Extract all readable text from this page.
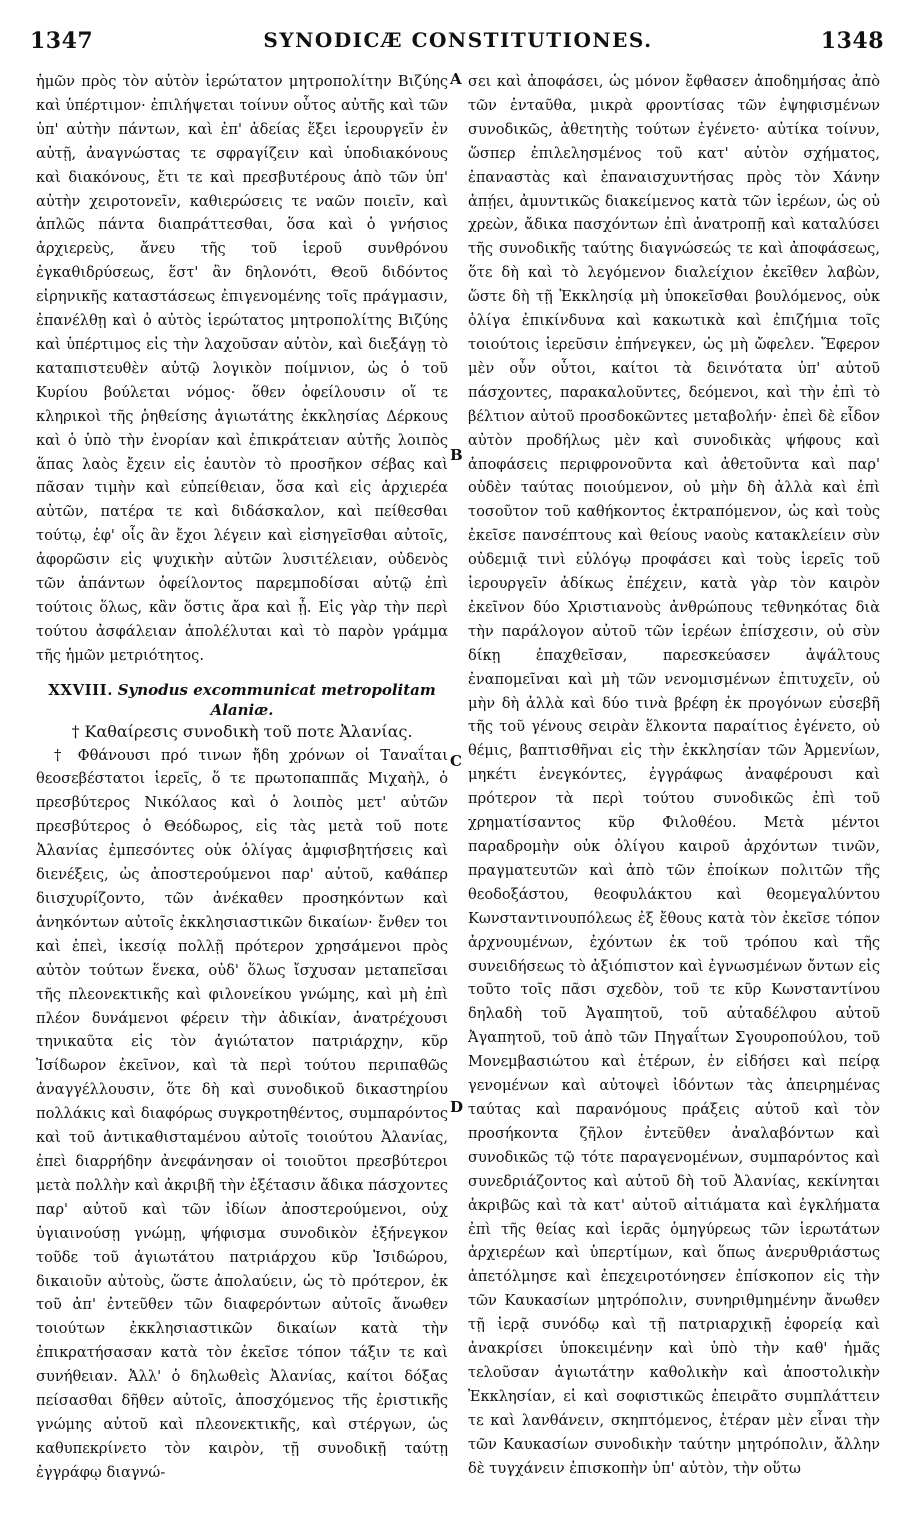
1347	SYNODICÆ CONSTITUTIONES.	1348
A
B
C
D

ἡμῶν πρὸς τὸν αὐτὸν ἱερώτατον μητροπολίτην Βιζύης καὶ ὑπέρτιμον· ἐπιλήψεται τοίνυν οὗτος αὐτῆς καὶ τῶν ὑπ' αὐτὴν πάντων, καὶ ἐπ' ἀδείας ἕξει ἱερουργεῖν ἐν αὐτῇ, ἀναγνώστας τε σφραγίζειν καὶ ὑποδιακόνους καὶ διακόνους, ἔτι τε καὶ πρεσβυτέρους ἀπὸ τῶν ὑπ' αὐτὴν χειροτονεῖν, καθιερώσεις τε ναῶν ποιεῖν, καὶ ἁπλῶς πάντα διαπράττεσθαι, ὅσα καὶ ὁ γνήσιος ἀρχιερεὺς, ἄνευ τῆς τοῦ ἱεροῦ συνθρόνου ἐγκαθιδρύσεως, ἕστ' ἂν δηλονότι, Θεοῦ διδόντος εἰρηνικῆς καταστάσεως ἐπιγενομένης τοῖς πράγμασιν, ἐπανέλθῃ καὶ ὁ αὐτὸς ἱερώτατος μητροπολίτης Βιζύης καὶ ὑπέρτιμος εἰς τὴν λαχοῦσαν αὐτὸν, καὶ διεξάγῃ τὸ καταπιστευθὲν αὐτῷ λογικὸν ποίμνιον, ὡς ὁ τοῦ Κυρίου βούλεται νόμος· ὅθεν ὀφείλουσιν οἵ τε κληρικοὶ τῆς ῥηθείσης ἁγιωτάτης ἐκκλησίας Δέρκους καὶ ὁ ὑπὸ τὴν ἐνορίαν καὶ ἐπικράτειαν αὐτῆς λοιπὸς ἅπας λαὸς ἔχειν εἰς ἑαυτὸν τὸ προσῆκον σέβας καὶ πᾶσαν τιμὴν καὶ εὐπείθειαν, ὅσα καὶ εἰς ἀρχιερέα αὐτῶν, πατέρα τε καὶ διδάσκαλον, καὶ πείθεσθαι τούτῳ, ἐφ' οἷς ἂν ἔχοι λέγειν καὶ εἰσηγεῖσθαι αὐτοῖς, ἀφορῶσιν εἰς ψυχικὴν αὐτῶν λυσιτέλειαν, οὐδενὸς τῶν ἁπάντων ὀφείλοντος παρεμποδίσαι αὐτῷ ἐπὶ τούτοις ὅλως, κἂν ὅστις ἄρα καὶ ᾖ. Εἰς γὰρ τὴν περὶ τούτου ἀσφάλειαν ἀπολέλυται καὶ τὸ παρὸν γράμμα τῆς ἡμῶν μετριότητος.

XXVIII. Synodus excommunicat metropolitam Alaniæ.

† Καθαίρεσις συνοδικὴ τοῦ ποτε Ἀλανίας.

† Φθάνουσι πρό τινων ἤδη χρόνων οἱ Ταναΐται θεοσεβέστατοι ἱερεῖς, ὅ τε πρωτοπαππᾶς Μιχαὴλ, ὁ πρεσβύτερος Νικόλαος καὶ ὁ λοιπὸς μετ' αὐτῶν πρεσβύτερος ὁ Θεόδωρος, εἰς τὰς μετὰ τοῦ ποτε Ἀλανίας ἐμπεσόντες οὐκ ὀλίγας ἀμφισβητήσεις καὶ διενέξεις, ὡς ἀποστερούμενοι παρ' αὐτοῦ, καθάπερ διισχυρίζοντο, τῶν ἀνέκαθεν προσηκόντων καὶ ἀνηκόντων αὐτοῖς ἐκκλησιαστικῶν δικαίων· ἔνθεν τοι καὶ ἐπεὶ, ἱκεσίᾳ πολλῇ πρότερον χρησάμενοι πρὸς αὐτὸν τούτων ἕνεκα, οὐδ' ὅλως ἴσχυσαν μεταπεῖσαι τῆς πλεονεκτικῆς καὶ φιλονείκου γνώμης, καὶ μὴ ἐπὶ πλέον δυνάμενοι φέρειν τὴν ἀδικίαν, ἀνατρέχουσι τηνικαῦτα εἰς τὸν ἁγιώτατον πατριάρχην, κῦρ Ἰσίδωρον ἐκεῖνον, καὶ τὰ περὶ τούτου περιπαθῶς ἀναγγέλλουσιν, ὅτε δὴ καὶ συνοδικοῦ δικαστηρίου πολλάκις καὶ διαφόρως συγκροτηθέντος, συμπαρόντος καὶ τοῦ ἀντικαθισταμένου αὐτοῖς τοιούτου Ἀλανίας, ἐπεὶ διαρρήδην ἀνεφάνησαν οἱ τοιοῦτοι πρεσβύτεροι μετὰ πολλὴν καὶ ἀκριβῆ τὴν ἐξέτασιν ἄδικα πάσχοντες παρ' αὐτοῦ καὶ τῶν ἰδίων ἀποστερούμενοι, οὐχ ὑγιαινούσῃ γνώμῃ, ψήφισμα συνοδικὸν ἐξήνεγκον τοῦδε τοῦ ἁγιωτάτου πατριάρχου κῦρ Ἰσιδώρου, δικαιοῦν αὐτοὺς, ὥστε ἀπολαύειν, ὡς τὸ πρότερον, ἐκ τοῦ ἀπ' ἐντεῦθεν τῶν διαφερόντων αὐτοῖς ἄνωθεν τοιούτων ἐκκλησιαστικῶν δικαίων κατὰ τὴν ἐπικρατήσασαν κατὰ τὸν ἐκεῖσε τόπον τάξιν τε καὶ συνήθειαν. Ἀλλ' ὁ δηλωθεὶς Ἀλανίας, καίτοι δόξας πείσασθαι δῆθεν αὐτοῖς, ἀποσχόμενος τῆς ἐριστικῆς γνώμης αὐτοῦ καὶ πλεονεκτικῆς, καὶ στέργων, ὡς καθυπεκρίνετο τὸν καιρὸν, τῇ συνοδικῇ ταύτῃ ἐγγράφῳ διαγνώ-

σει καὶ ἀποφάσει, ὡς μόνον ἔφθασεν ἀποδημήσας ἀπὸ τῶν ἐνταῦθα, μικρὰ φροντίσας τῶν ἐψηφισμένων συνοδικῶς, ἀθετητὴς τούτων ἐγένετο· αὐτίκα τοίνυν, ὥσπερ ἐπιλελησμένος τοῦ κατ' αὐτὸν σχήματος, ἐπαναστὰς καὶ ἐπαναισχυντήσας πρὸς τὸν Χάνην ἀπῄει, ἀμυντικῶς διακείμενος κατὰ τῶν ἱερέων, ὡς οὐ χρεὼν, ἄδικα πασχόντων ἐπὶ ἀνατροπῇ καὶ καταλύσει τῆς συνοδικῆς ταύτης διαγνώσεώς τε καὶ ἀποφάσεως, ὅτε δὴ καὶ τὸ λεγόμενον διαλείχιον ἐκεῖθεν λαβὼν, ὥστε δὴ τῇ Ἐκκλησίᾳ μὴ ὑποκεῖσθαι βουλόμενος, οὐκ ὀλίγα ἐπικίνδυνα καὶ κακωτικὰ καὶ ἐπιζήμια τοῖς τοιούτοις ἱερεῦσιν ἐπήνεγκεν, ὡς μὴ ὤφελεν. Ἔφερον μὲν οὖν οὗτοι, καίτοι τὰ δεινότατα ὑπ' αὐτοῦ πάσχοντες, παρακαλοῦντες, δεόμενοι, καὶ τὴν ἐπὶ τὸ βέλτιον αὐτοῦ προσδοκῶντες μεταβολήν· ἐπεὶ δὲ εἶδον αὐτὸν προδήλως μὲν καὶ συνοδικὰς ψήφους καὶ ἀποφάσεις περιφρονοῦντα καὶ ἀθετοῦντα καὶ παρ' οὐδὲν ταύτας ποιούμενον, οὐ μὴν δὴ ἀλλὰ καὶ ἐπὶ τοσοῦτον τοῦ καθήκοντος ἐκτραπόμενον, ὡς καὶ τοὺς ἐκεῖσε πανσέπτους καὶ θείους ναοὺς κατακλείειν σὺν οὐδεμιᾷ τινὶ εὐλόγῳ προφάσει καὶ τοὺς ἱερεῖς τοῦ ἱερουργεῖν ἀδίκως ἐπέχειν, κατὰ γὰρ τὸν καιρὸν ἐκεῖνον δύο Χριστιανοὺς ἀνθρώπους τεθνηκότας διὰ τὴν παράλογον αὐτοῦ τῶν ἱερέων ἐπίσχεσιν, οὐ σὺν δίκῃ ἐπαχθεῖσαν, παρεσκεύασεν ἀψάλτους ἐναπομεῖναι καὶ μὴ τῶν νενομισμένων ἐπιτυχεῖν, οὐ μὴν δὴ ἀλλὰ καὶ δύο τινὰ βρέφη ἐκ προγόνων εὐσεβῆ τῆς τοῦ γένους σειρὰν ἕλκοντα παραίτιος ἐγένετο, οὐ θέμις, βαπτισθῆναι εἰς τὴν ἐκκλησίαν τῶν Ἀρμενίων, μηκέτι ἐνεγκόντες, ἐγγράφως ἀναφέρουσι καὶ πρότερον τὰ περὶ τούτου συνοδικῶς ἐπὶ τοῦ χρηματίσαντος κῦρ Φιλοθέου. Μετὰ μέντοι παραδρομὴν οὐκ ὀλίγου καιροῦ ἀρχόντων τινῶν, πραγματευτῶν καὶ ἀπὸ τῶν ἐποίκων πολιτῶν τῆς θεοδοξάστου, θεοφυλάκτου καὶ θεομεγαλύντου Κωνσταντινουπόλεως ἐξ ἔθους κατὰ τὸν ἐκεῖσε τόπον ἀρχνουμένων, ἐχόντων ἐκ τοῦ τρόπου καὶ τῆς συνειδήσεως τὸ ἀξιόπιστον καὶ ἐγνωσμένων ὄντων εἰς τοῦτο τοῖς πᾶσι σχεδὸν, τοῦ τε κῦρ Κωνσταντίνου δηλαδὴ τοῦ Ἀγαπητοῦ, τοῦ αὐταδέλφου αὐτοῦ Ἀγαπητοῦ, τοῦ ἀπὸ τῶν Πηγαΐτων Σγουροπούλου, τοῦ Μονεμβασιώτου καὶ ἑτέρων, ἐν εἰδήσει καὶ πείρᾳ γενομένων καὶ αὐτοψεὶ ἰδόντων τὰς ἀπειρημένας ταύτας καὶ παρανόμους πράξεις αὐτοῦ καὶ τὸν προσήκοντα ζῆλον ἐντεῦθεν ἀναλαβόντων καὶ συνοδικῶς τῷ τότε παραγενομένων, συμπαρόντος καὶ συνεδριάζοντος καὶ αὐτοῦ δὴ τοῦ Ἀλανίας, κεκίνηται ἀκριβῶς καὶ τὰ κατ' αὐτοῦ αἰτιάματα καὶ ἐγκλήματα ἐπὶ τῆς θείας καὶ ἱερᾶς ὁμηγύρεως τῶν ἱερωτάτων ἀρχιερέων καὶ ὑπερτίμων, καὶ ὅπως ἀνερυθριάστως ἀπετόλμησε καὶ ἐπεχειροτόνησεν ἐπίσκοπον εἰς τὴν τῶν Καυκασίων μητρόπολιν, συνηριθμημένην ἄνωθεν τῇ ἱερᾷ συνόδῳ καὶ τῇ πατριαρχικῇ ἐφορείᾳ καὶ ἀνακρίσει ὑποκειμένην καὶ ὑπὸ τὴν καθ' ἡμᾶς τελοῦσαν ἁγιωτάτην καθολικὴν καὶ ἀποστολικὴν Ἐκκλησίαν, εἰ καὶ σοφιστικῶς ἐπειρᾶτο συμπλάττειν τε καὶ λανθάνειν, σκηπτόμενος, ἑτέραν μὲν εἶναι τὴν τῶν Καυκασίων συνοδικὴν ταύτην μητρόπολιν, ἄλλην δὲ τυγχάνειν ἐπισκοπὴν ὑπ' αὐτὸν, τὴν οὕτω
